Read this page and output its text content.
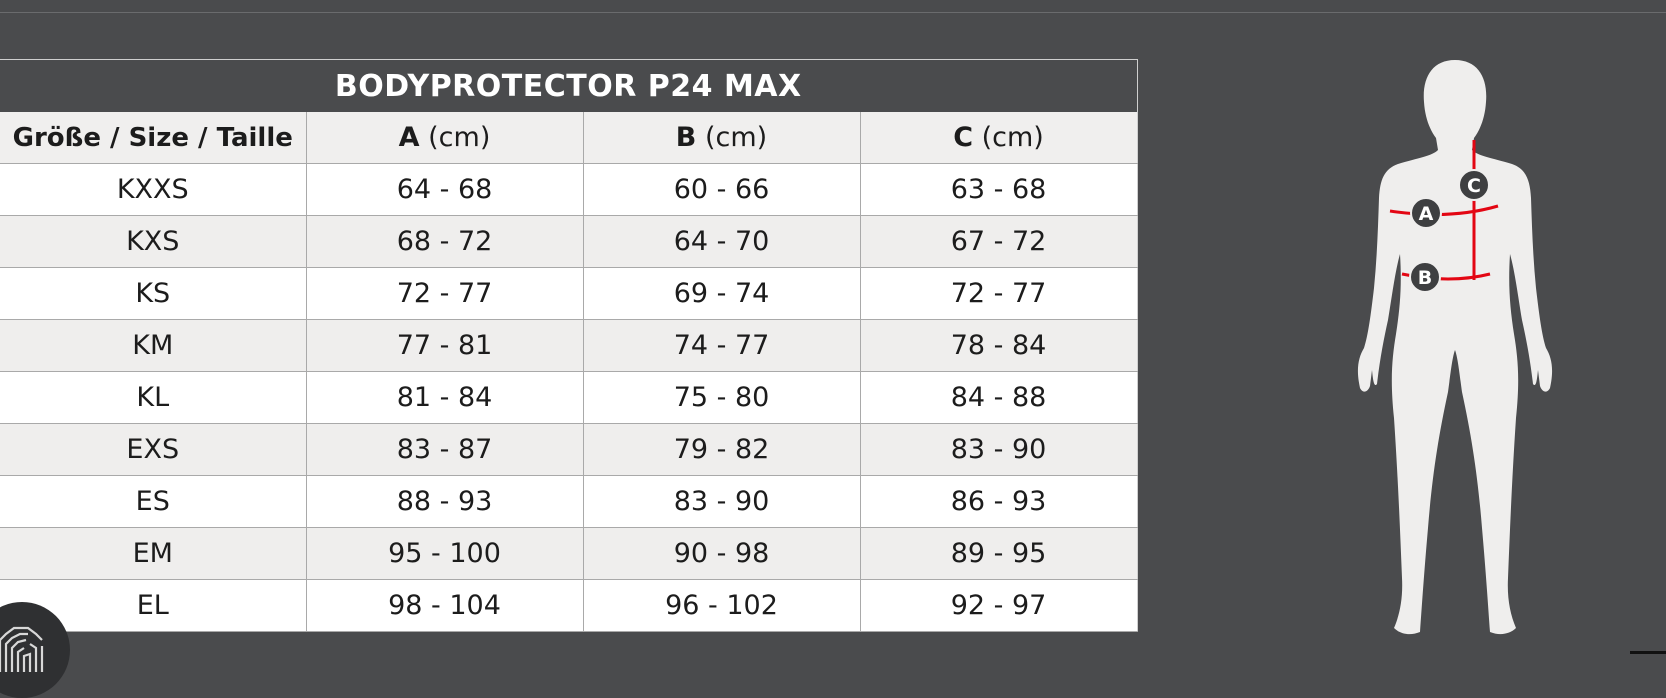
BODYPROTECTOR P24 MAX			
Größe / Size / Taille	A (cm)	B (cm)	C (cm)
KXXS	64 - 68	60 - 66	63 - 68
KXS	68 - 72	64 - 70	67 - 72
KS	72 - 77	69 - 74	72 - 77
KM	77 - 81	74 - 77	78 - 84
KL	81 - 84	75 - 80	84 - 88
EXS	83 - 87	79 - 82	83 - 90
ES	88 - 93	83 - 90	86 - 93
EM	95 - 100	90 - 98	89 - 95
EL	98 - 104	96 - 102	92 - 97
A
C
B
